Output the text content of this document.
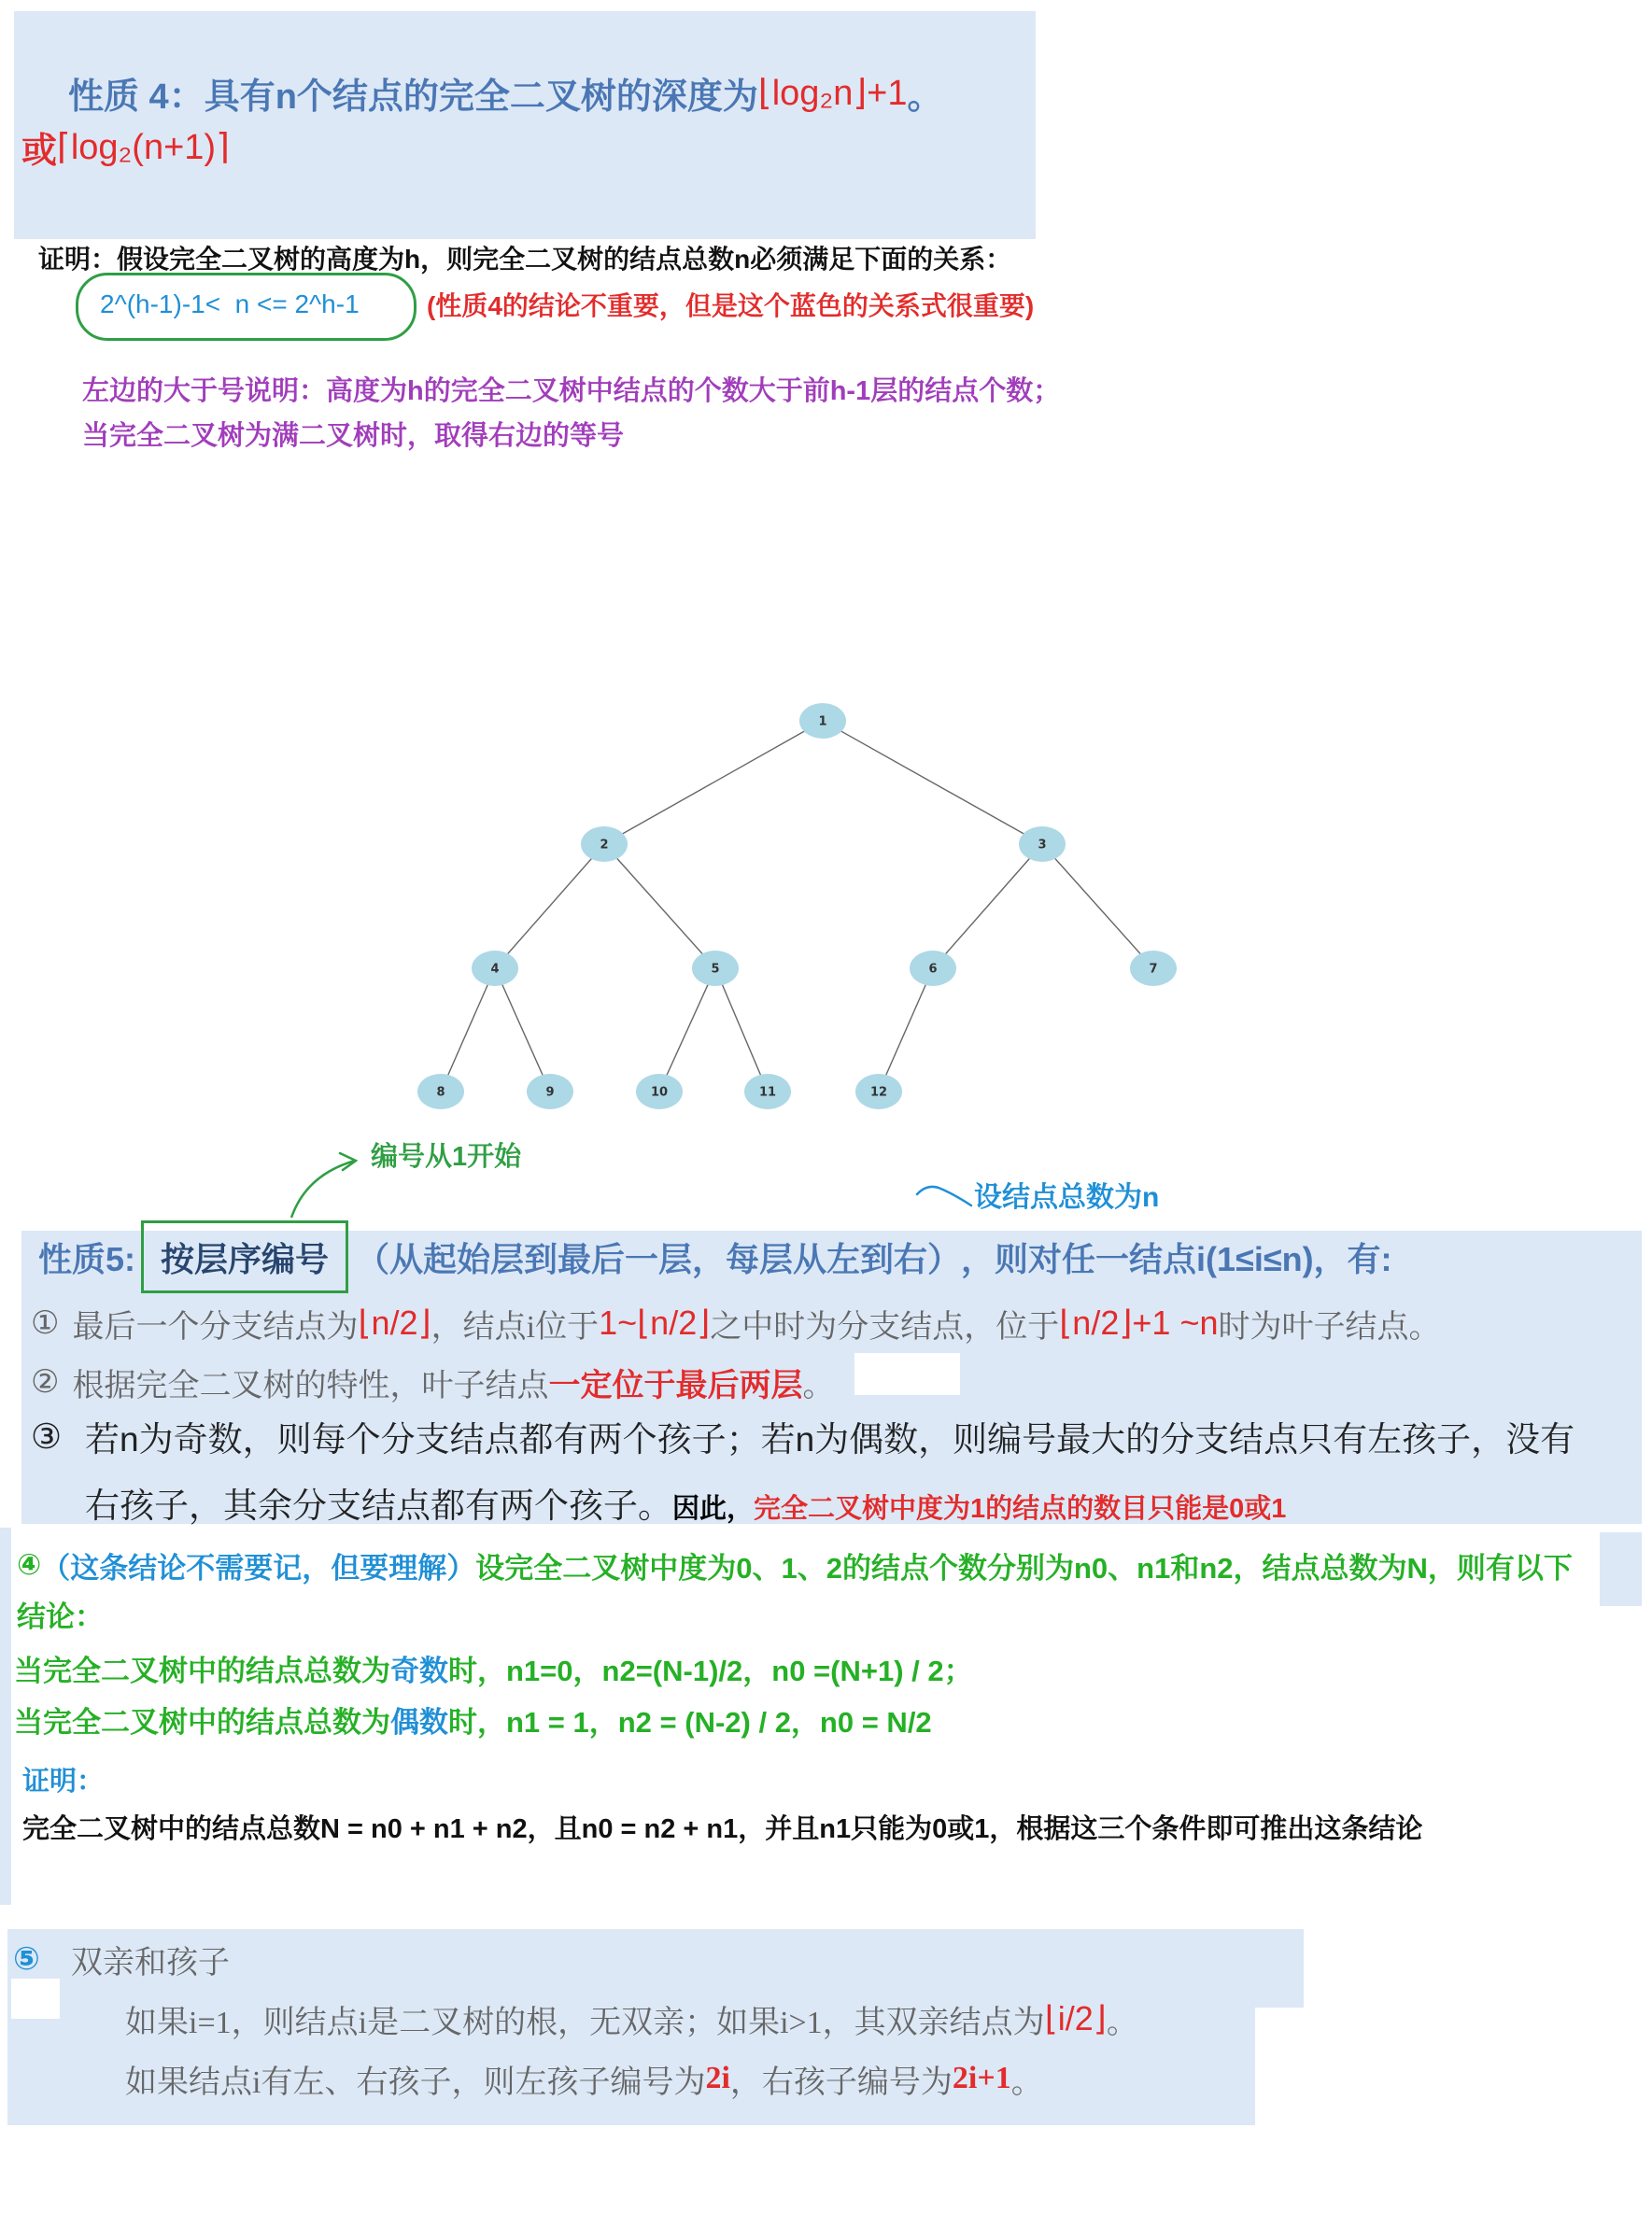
1
2	3
4	5	6	7
8	9	10	11	12
性质 4：具有n个结点的完全二叉树的深度为 ⌊log₂n⌋+1 。
或 ⌈log₂(n+1)⌉
证明：假设完全二叉树的高度为h，则完全二叉树的结点总数n必须满足下面的关系：
2^(h-1)-1<  n <= 2^h-1	(性质4的结论不重要，但是这个蓝色的关系式很重要)
左边的大于号说明：高度为h的完全二叉树中结点的个数大于前h-1层的结点个数；
当完全二叉树为满二叉树时，取得右边的等号
编号从1开始
设结点总数为n
性质5: 按层序编号 （从起始层到最后一层，每层从左到右） ，则对任一结点i(1≤i≤n)，有:
① 最后一个分支结点为 ⌊n/2⌋ ，结点i位于 1~⌊n/2⌋ 之中时为分支结点，位于 ⌊n/2⌋+1 ~n 时为叶子结点。
② 根据完全二叉树的特性，叶子结点 一定位于最后两层 。
③ 若n为奇数，则每个分支结点都有两个孩子；若n为偶数，则编号最大的分支结点只有左孩子，没有
右孩子，其余分支结点都有两个孩子。 因此， 完全二叉树中度为1的结点的数目只能是0或1
④ （这条结论不需要记，但要理解） 设完全二叉树中度为0、1、2的结点个数分别为n0、n1和n2，结点总数为N，则有以下
结论：
当完全二叉树中的结点总数为 奇数 时，n1=0，n2=(N-1)/2，n0 =(N+1) / 2；
当完全二叉树中的结点总数为 偶数 时，n1 = 1，n2 = (N-2) / 2，n0 = N/2
证明：
完全二叉树中的结点总数N = n0 + n1 + n2，且n0 = n2 + n1，并且n1只能为0或1，根据这三个条件即可推出这条结论
⑤ 双亲和孩子
如果i=1，则结点i是二叉树的根，无双亲；如果i>1，其双亲结点为 ⌊i/2⌋ 。
如果结点i有左、右孩子，则左孩子编号为 2i ，右孩子编号为 2i+1 。
